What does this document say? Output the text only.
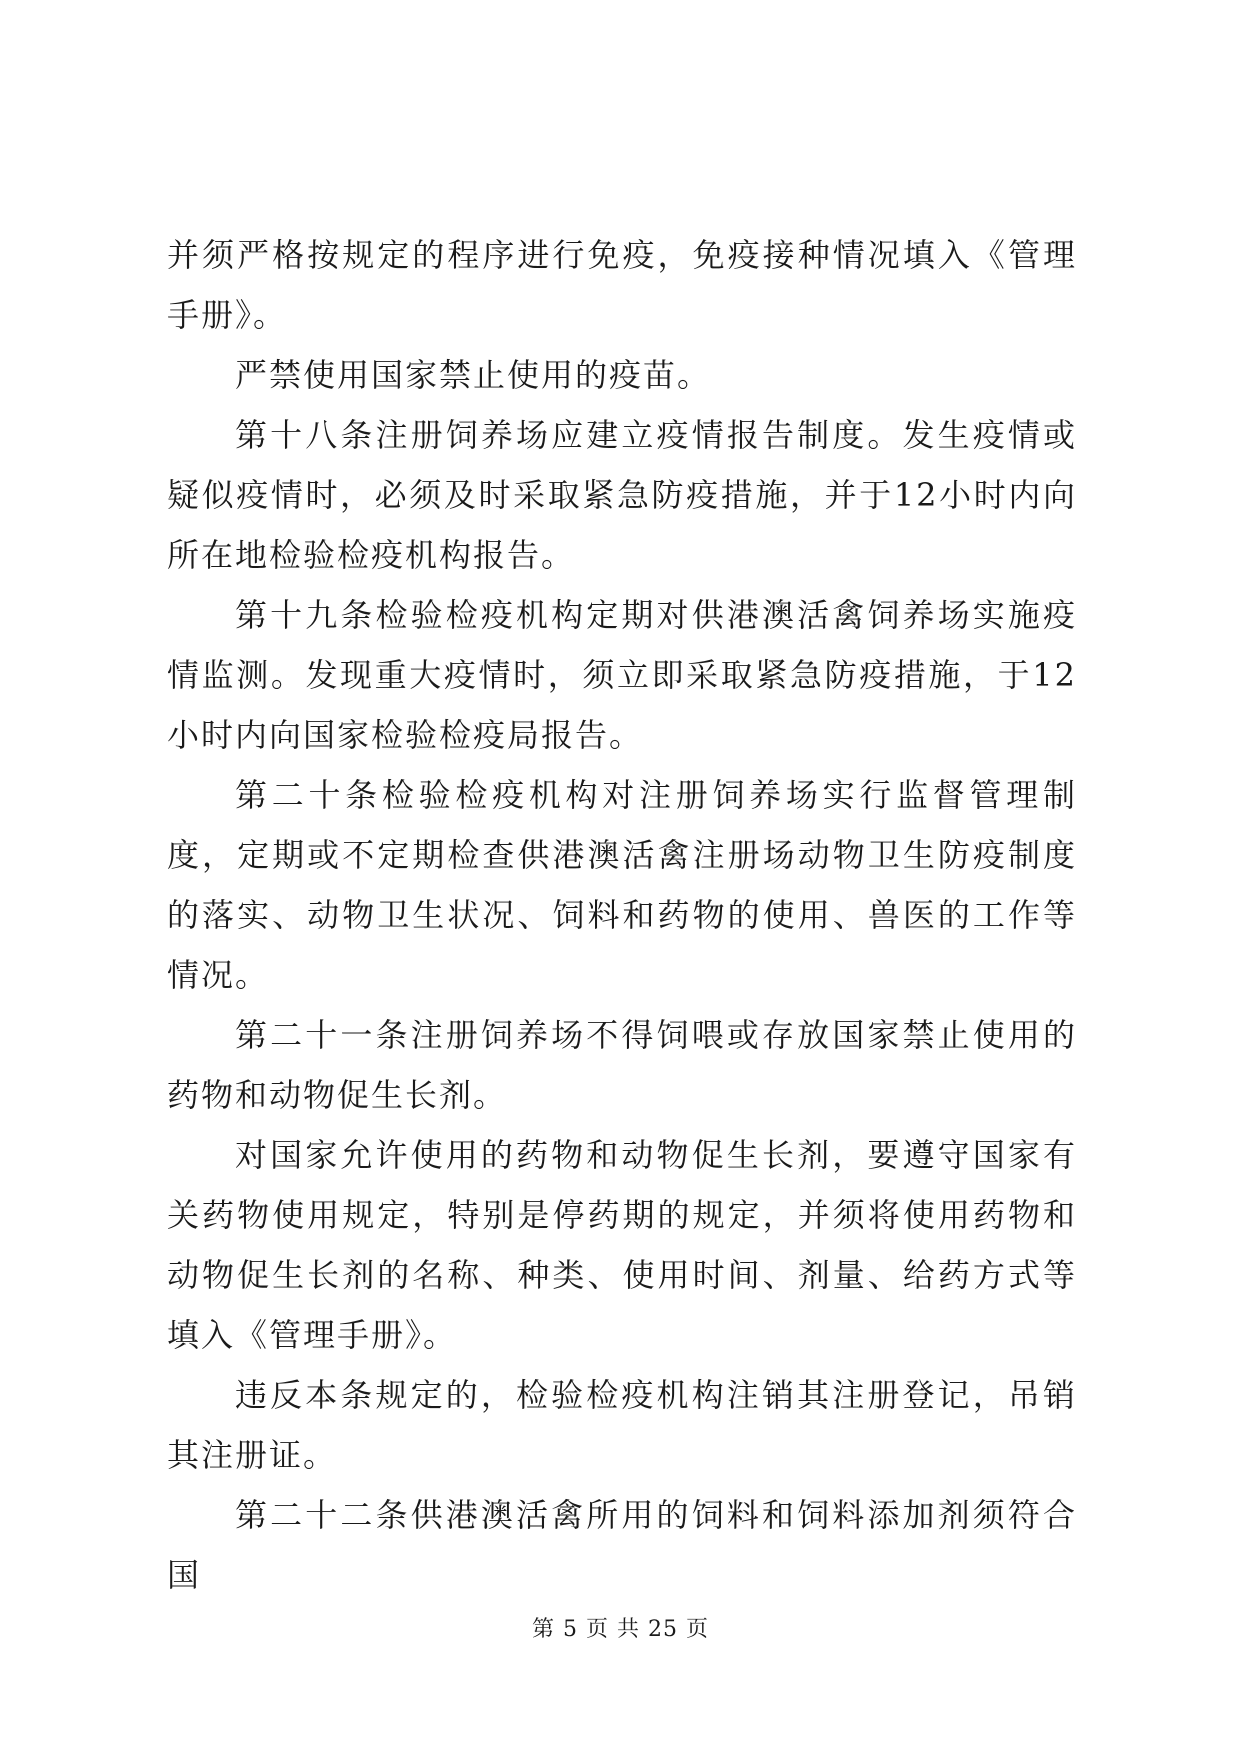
并须严格按规定的程序进行免疫，免疫接种情况填入《管理手册》。

严禁使用国家禁止使用的疫苗。

第十八条注册饲养场应建立疫情报告制度。发生疫情或疑似疫情时，必须及时采取紧急防疫措施，并于12小时内向所在地检验检疫机构报告。

第十九条检验检疫机构定期对供港澳活禽饲养场实施疫情监测。发现重大疫情时，须立即采取紧急防疫措施，于12小时内向国家检验检疫局报告。

第二十条检验检疫机构对注册饲养场实行监督管理制度，定期或不定期检查供港澳活禽注册场动物卫生防疫制度的落实、动物卫生状况、饲料和药物的使用、兽医的工作等情况。

第二十一条注册饲养场不得饲喂或存放国家禁止使用的药物和动物促生长剂。

对国家允许使用的药物和动物促生长剂，要遵守国家有关药物使用规定，特别是停药期的规定，并须将使用药物和动物促生长剂的名称、种类、使用时间、剂量、给药方式等填入《管理手册》。

违反本条规定的，检验检疫机构注销其注册登记，吊销其注册证。

第二十二条供港澳活禽所用的饲料和饲料添加剂须符合国

第 5 页 共 25 页
